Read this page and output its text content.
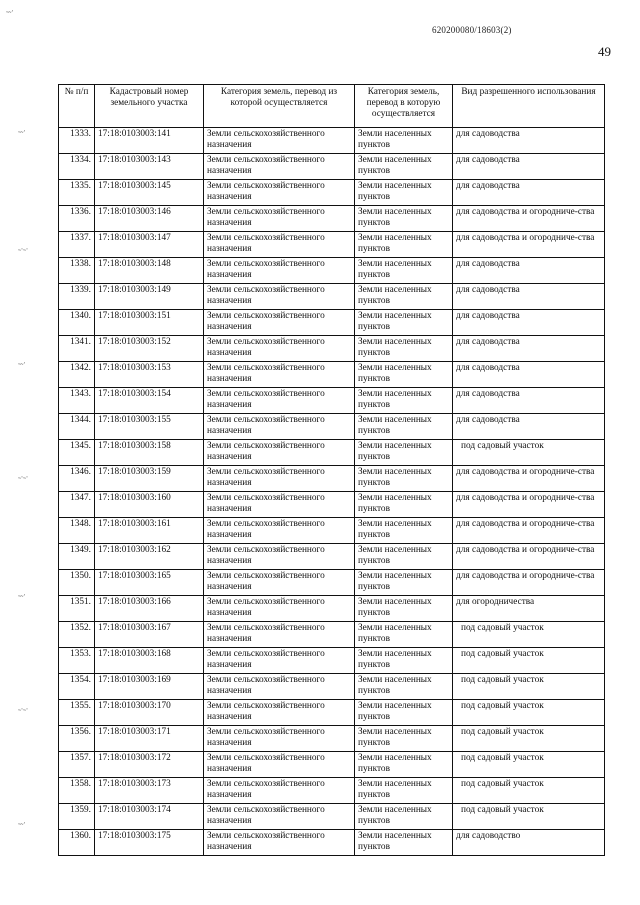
620200080/18603(2)
49
~~'
~~'
~'~'
~~'
~'~'
~~'
~'~'
~~'
№ п/п	Кадастровый номер земельного участка	Категория земель, перевод из которой осуществляется	Категория земель, перевод в которую осуществляется	Вид разрешенного использования
1333.	17:18:0103003:141	Земли сельскохозяйственного назначения	Земли населенных пунктов	для садоводства
1334.	17:18:0103003:143	Земли сельскохозяйственного назначения	Земли населенных пунктов	для садоводства
1335.	17:18:0103003:145	Земли сельскохозяйственного назначения	Земли населенных пунктов	для садоводства
1336.	17:18:0103003:146	Земли сельскохозяйственного назначения	Земли населенных пунктов	для садоводства и огородниче-ства
1337.	17:18:0103003:147	Земли сельскохозяйственного назначения	Земли населенных пунктов	для садоводства и огородниче-ства
1338.	17:18:0103003:148	Земли сельскохозяйственного назначения	Земли населенных пунктов	для садоводства
1339.	17:18:0103003:149	Земли сельскохозяйственного назначения	Земли населенных пунктов	для садоводства
1340.	17:18:0103003:151	Земли сельскохозяйственного назначения	Земли населенных пунктов	для садоводства
1341.	17:18:0103003:152	Земли сельскохозяйственного назначения	Земли населенных пунктов	для садоводства
1342.	17:18:0103003:153	Земли сельскохозяйственного назначения	Земли населенных пунктов	для садоводства
1343.	17:18:0103003:154	Земли сельскохозяйственного назначения	Земли населенных пунктов	для садоводства
1344.	17:18:0103003:155	Земли сельскохозяйственного назначения	Земли населенных пунктов	для садоводства
1345.	17:18:0103003:158	Земли сельскохозяйственного назначения	Земли населенных пунктов	под садовый участок
1346.	17:18:0103003:159	Земли сельскохозяйственного назначения	Земли населенных пунктов	для садоводства и огородниче-ства
1347.	17:18:0103003:160	Земли сельскохозяйственного назначения	Земли населенных пунктов	для садоводства и огородниче-ства
1348.	17:18:0103003:161	Земли сельскохозяйственного назначения	Земли населенных пунктов	для садоводства и огородниче-ства
1349.	17:18:0103003:162	Земли сельскохозяйственного назначения	Земли населенных пунктов	для садоводства и огородниче-ства
1350.	17:18:0103003:165	Земли сельскохозяйственного назначения	Земли населенных пунктов	для садоводства и огородниче-ства
1351.	17:18:0103003:166	Земли сельскохозяйственного назначения	Земли населенных пунктов	для огородничества
1352.	17:18:0103003:167	Земли сельскохозяйственного назначения	Земли населенных пунктов	под садовый участок
1353.	17:18:0103003:168	Земли сельскохозяйственного назначения	Земли населенных пунктов	под садовый участок
1354.	17:18:0103003:169	Земли сельскохозяйственного назначения	Земли населенных пунктов	под садовый участок
1355.	17:18:0103003:170	Земли сельскохозяйственного назначения	Земли населенных пунктов	под садовый участок
1356.	17:18:0103003:171	Земли сельскохозяйственного назначения	Земли населенных пунктов	под садовый участок
1357.	17:18:0103003:172	Земли сельскохозяйственного назначения	Земли населенных пунктов	под садовый участок
1358.	17:18:0103003:173	Земли сельскохозяйственного назначения	Земли населенных пунктов	под садовый участок
1359.	17:18:0103003:174	Земли сельскохозяйственного назначения	Земли населенных пунктов	под садовый участок
1360.	17:18:0103003:175	Земли сельскохозяйственного назначения	Земли населенных пунктов	для садоводство
